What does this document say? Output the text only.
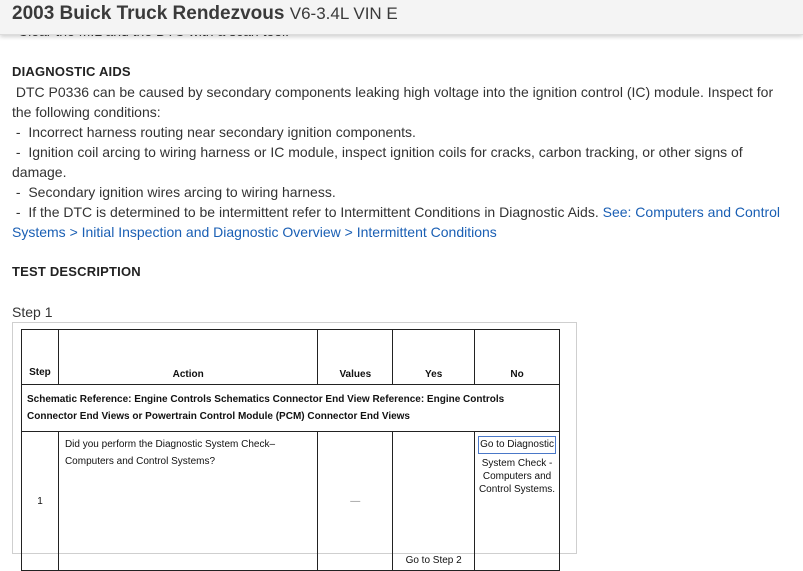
2003 Buick Truck Rendezvous V6-3.4L VIN E
DIAGNOSTIC AIDS
DTC P0336 can be caused by secondary components leaking high voltage into the ignition control (IC) module. Inspect for the following conditions:
-  Incorrect harness routing near secondary ignition components.
-  Ignition coil arcing to wiring harness or IC module, inspect ignition coils for cracks, carbon tracking, or other signs of damage.
-  Secondary ignition wires arcing to wiring harness.
-  If the DTC is determined to be intermittent refer to Intermittent Conditions in Diagnostic Aids. See: Computers and Control Systems > Initial Inspection and Diagnostic Overview > Intermittent Conditions
TEST DESCRIPTION
Step 1
Step	Action	Values	Yes	No
Schematic Reference: Engine Controls Schematics Connector End View Reference: Engine Controls Connector End Views or Powertrain Control Module (PCM) Connector End Views				
1	Did you perform the Diagnostic System Check–Computers and Control Systems?	—	Go to Step 2	Go to Diagnostic
System Check - Computers and Control Systems.
